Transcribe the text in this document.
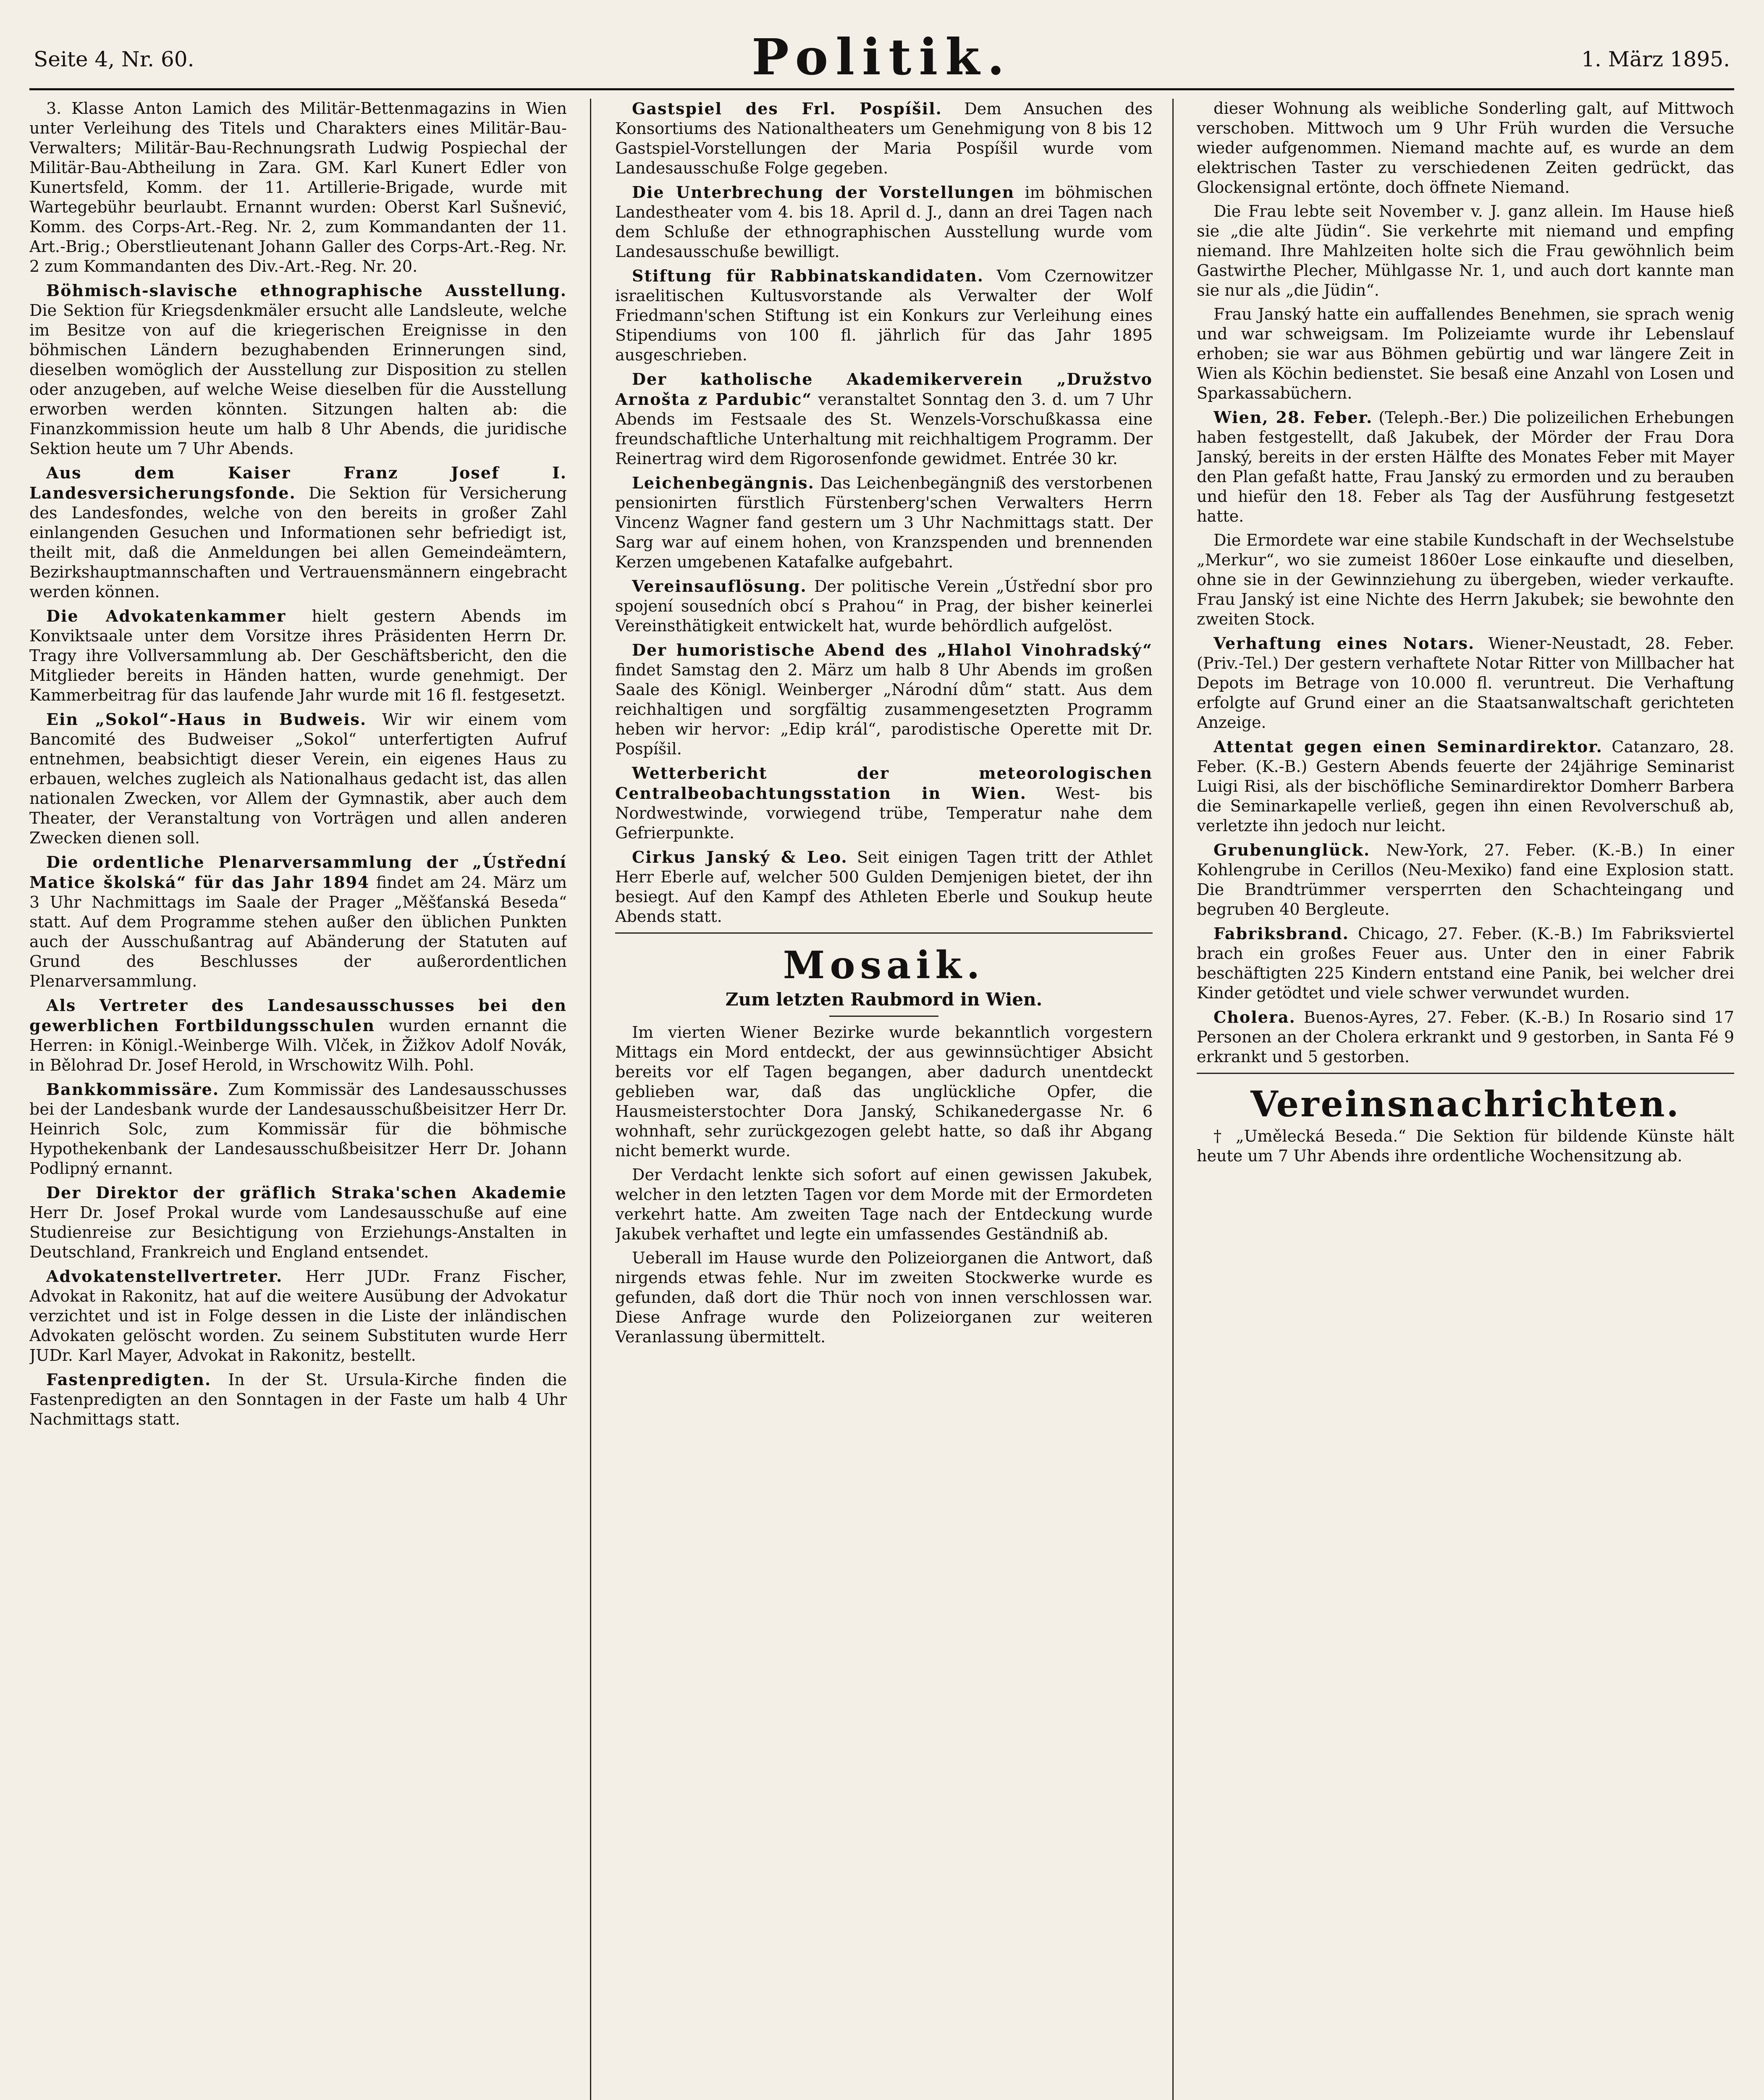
Seite 4, Nr. 60.	Politik.	1. März 1895.

3. Klasse Anton Lamich des Militär-Bettenmagazins in Wien unter Verleihung des Titels und Charakters eines Militär-Bau-Verwalters; Militär-Bau-Rechnungsrath Ludwig Pospiechal der Militär-Bau-Abtheilung in Zara. GM. Karl Kunert Edler von Kunertsfeld, Komm. der 11. Artillerie-Brigade, wurde mit Wartegebühr beurlaubt. Ernannt wurden: Oberst Karl Sušnević, Komm. des Corps-Art.-Reg. Nr. 2, zum Kommandanten der 11. Art.-Brig.; Oberstlieutenant Johann Galler des Corps-Art.-Reg. Nr. 2 zum Kommandanten des Div.-Art.-Reg. Nr. 20.

Böhmisch-slavische ethnographische Ausstellung. Die Sektion für Kriegsdenkmäler ersucht alle Landsleute, welche im Besitze von auf die kriegerischen Ereignisse in den böhmischen Ländern bezughabenden Erinnerungen sind, dieselben womöglich der Ausstellung zur Disposition zu stellen oder anzugeben, auf welche Weise dieselben für die Ausstellung erworben werden könnten. Sitzungen halten ab: die Finanzkommission heute um halb 8 Uhr Abends, die juridische Sektion heute um 7 Uhr Abends.

Aus dem Kaiser Franz Josef I. Landesversicherungsfonde. Die Sektion für Versicherung des Landesfondes, welche von den bereits in großer Zahl einlangenden Gesuchen und Informationen sehr befriedigt ist, theilt mit, daß die Anmeldungen bei allen Gemeindeämtern, Bezirkshauptmannschaften und Vertrauensmännern eingebracht werden können.

Die Advokatenkammer hielt gestern Abends im Konviktsaale unter dem Vorsitze ihres Präsidenten Herrn Dr. Tragy ihre Vollversammlung ab. Der Geschäftsbericht, den die Mitglieder bereits in Händen hatten, wurde genehmigt. Der Kammerbeitrag für das laufende Jahr wurde mit 16 fl. festgesetzt.

Ein „Sokol“-Haus in Budweis. Wir wir einem vom Bancomité des Budweiser „Sokol“ unterfertigten Aufruf entnehmen, beabsichtigt dieser Verein, ein eigenes Haus zu erbauen, welches zugleich als Nationalhaus gedacht ist, das allen nationalen Zwecken, vor Allem der Gymnastik, aber auch dem Theater, der Veranstaltung von Vorträgen und allen anderen Zwecken dienen soll.

Die ordentliche Plenarversammlung der „Ústřední Matice školská“ für das Jahr 1894 findet am 24. März um 3 Uhr Nachmittags im Saale der Prager „Měšťanská Beseda“ statt. Auf dem Programme stehen außer den üblichen Punkten auch der Ausschußantrag auf Abänderung der Statuten auf Grund des Beschlusses der außerordentlichen Plenarversammlung.

Als Vertreter des Landesausschusses bei den gewerblichen Fortbildungsschulen wurden ernannt die Herren: in Königl.-Weinberge Wilh. Vlček, in Žižkov Adolf Novák, in Bělohrad Dr. Josef Herold, in Wrschowitz Wilh. Pohl.

Bankkommissäre. Zum Kommissär des Landesausschusses bei der Landesbank wurde der Landesausschußbeisitzer Herr Dr. Heinrich Solc, zum Kommissär für die böhmische Hypothekenbank der Landesausschußbeisitzer Herr Dr. Johann Podlipný ernannt.

Der Direktor der gräflich Straka'schen Akademie Herr Dr. Josef Prokal wurde vom Landesausschuße auf eine Studienreise zur Besichtigung von Erziehungs-Anstalten in Deutschland, Frankreich und England entsendet.

Advokatenstellvertreter. Herr JUDr. Franz Fischer, Advokat in Rakonitz, hat auf die weitere Ausübung der Advokatur verzichtet und ist in Folge dessen in die Liste der inländischen Advokaten gelöscht worden. Zu seinem Substituten wurde Herr JUDr. Karl Mayer, Advokat in Rakonitz, bestellt.

Fastenpredigten. In der St. Ursula-Kirche finden die Fastenpredigten an den Sonntagen in der Faste um halb 4 Uhr Nachmittags statt.

Gastspiel des Frl. Pospíšil. Dem Ansuchen des Konsortiums des Nationaltheaters um Genehmigung von 8 bis 12 Gastspiel-Vorstellungen der Maria Pospíšil wurde vom Landesausschuße Folge gegeben.

Die Unterbrechung der Vorstellungen im böhmischen Landestheater vom 4. bis 18. April d. J., dann an drei Tagen nach dem Schluße der ethnographischen Ausstellung wurde vom Landesausschuße bewilligt.

Stiftung für Rabbinatskandidaten. Vom Czernowitzer israelitischen Kultusvorstande als Verwalter der Wolf Friedmann'schen Stiftung ist ein Konkurs zur Verleihung eines Stipendiums von 100 fl. jährlich für das Jahr 1895 ausgeschrieben.

Der katholische Akademikerverein „Družstvo Arnošta z Pardubic“ veranstaltet Sonntag den 3. d. um 7 Uhr Abends im Festsaale des St. Wenzels-Vorschußkassa eine freundschaftliche Unterhaltung mit reichhaltigem Programm. Der Reinertrag wird dem Rigorosenfonde gewidmet. Entrée 30 kr.

Leichenbegängnis. Das Leichenbegängniß des verstorbenen pensionirten fürstlich Fürstenberg'schen Verwalters Herrn Vincenz Wagner fand gestern um 3 Uhr Nachmittags statt. Der Sarg war auf einem hohen, von Kranzspenden und brennenden Kerzen umgebenen Katafalke aufgebahrt.

Vereinsauflösung. Der politische Verein „Ústřední sbor pro spojení sousedních obcí s Prahou“ in Prag, der bisher keinerlei Vereinsthätigkeit entwickelt hat, wurde behördlich aufgelöst.

Der humoristische Abend des „Hlahol Vinohradský“ findet Samstag den 2. März um halb 8 Uhr Abends im großen Saale des Königl. Weinberger „Národní dům“ statt. Aus dem reichhaltigen und sorgfältig zusammengesetzten Programm heben wir hervor: „Edip král“, parodistische Operette mit Dr. Pospíšil.

Wetterbericht der meteorologischen Centralbeobachtungsstation in Wien. West- bis Nordwestwinde, vorwiegend trübe, Temperatur nahe dem Gefrierpunkte.

Cirkus Janský & Leo. Seit einigen Tagen tritt der Athlet Herr Eberle auf, welcher 500 Gulden Demjenigen bietet, der ihn besiegt. Auf den Kampf des Athleten Eberle und Soukup heute Abends statt.

Mosaik.
Zum letzten Raubmord in Wien.

Im vierten Wiener Bezirke wurde bekanntlich vorgestern Mittags ein Mord entdeckt, der aus gewinnsüchtiger Absicht bereits vor elf Tagen begangen, aber dadurch unentdeckt geblieben war, daß das unglückliche Opfer, die Hausmeisterstochter Dora Janský, Schikanedergasse Nr. 6 wohnhaft, sehr zurückgezogen gelebt hatte, so daß ihr Abgang nicht bemerkt wurde.

Der Verdacht lenkte sich sofort auf einen gewissen Jakubek, welcher in den letzten Tagen vor dem Morde mit der Ermordeten verkehrt hatte. Am zweiten Tage nach der Entdeckung wurde Jakubek verhaftet und legte ein umfassendes Geständniß ab.

Ueberall im Hause wurde den Polizeiorganen die Antwort, daß nirgends etwas fehle. Nur im zweiten Stockwerke wurde es gefunden, daß dort die Thür noch von innen verschlossen war. Diese Anfrage wurde den Polizeiorganen zur weiteren Veranlassung übermittelt.

dieser Wohnung als weibliche Sonderling galt, auf Mittwoch verschoben. Mittwoch um 9 Uhr Früh wurden die Versuche wieder aufgenommen. Niemand machte auf, es wurde an dem elektrischen Taster zu verschiedenen Zeiten gedrückt, das Glockensignal ertönte, doch öffnete Niemand.

Die Frau lebte seit November v. J. ganz allein. Im Hause hieß sie „die alte Jüdin“. Sie verkehrte mit niemand und empfing niemand. Ihre Mahlzeiten holte sich die Frau gewöhnlich beim Gastwirthe Plecher, Mühlgasse Nr. 1, und auch dort kannte man sie nur als „die Jüdin“.

Frau Janský hatte ein auffallendes Benehmen, sie sprach wenig und war schweigsam. Im Polizeiamte wurde ihr Lebenslauf erhoben; sie war aus Böhmen gebürtig und war längere Zeit in Wien als Köchin bedienstet. Sie besaß eine Anzahl von Losen und Sparkassabüchern.

Wien, 28. Feber. (Teleph.-Ber.) Die polizeilichen Erhebungen haben festgestellt, daß Jakubek, der Mörder der Frau Dora Janský, bereits in der ersten Hälfte des Monates Feber mit Mayer den Plan gefaßt hatte, Frau Janský zu ermorden und zu berauben und hiefür den 18. Feber als Tag der Ausführung festgesetzt hatte.

Die Ermordete war eine stabile Kundschaft in der Wechselstube „Merkur“, wo sie zumeist 1860er Lose einkaufte und dieselben, ohne sie in der Gewinnziehung zu übergeben, wieder verkaufte. Frau Janský ist eine Nichte des Herrn Jakubek; sie bewohnte den zweiten Stock.

Verhaftung eines Notars. Wiener-Neustadt, 28. Feber. (Priv.-Tel.) Der gestern verhaftete Notar Ritter von Millbacher hat Depots im Betrage von 10.000 fl. veruntreut. Die Verhaftung erfolgte auf Grund einer an die Staatsanwaltschaft gerichteten Anzeige.

Attentat gegen einen Seminardirektor. Catanzaro, 28. Feber. (K.-B.) Gestern Abends feuerte der 24jährige Seminarist Luigi Risi, als der bischöfliche Seminardirektor Domherr Barbera die Seminarkapelle verließ, gegen ihn einen Revolverschuß ab, verletzte ihn jedoch nur leicht.

Grubenunglück. New-York, 27. Feber. (K.-B.) In einer Kohlengrube in Cerillos (Neu-Mexiko) fand eine Explosion statt. Die Brandtrümmer versperrten den Schachteingang und begruben 40 Bergleute.

Fabriksbrand. Chicago, 27. Feber. (K.-B.) Im Fabriksviertel brach ein großes Feuer aus. Unter den in einer Fabrik beschäftigten 225 Kindern entstand eine Panik, bei welcher drei Kinder getödtet und viele schwer verwundet wurden.

Cholera. Buenos-Ayres, 27. Feber. (K.-B.) In Rosario sind 17 Personen an der Cholera erkrankt und 9 gestorben, in Santa Fé 9 erkrankt und 5 gestorben.

Vereinsnachrichten.

† „Umělecká Beseda.“ Die Sektion für bildende Künste hält heute um 7 Uhr Abends ihre ordentliche Wochensitzung ab.
